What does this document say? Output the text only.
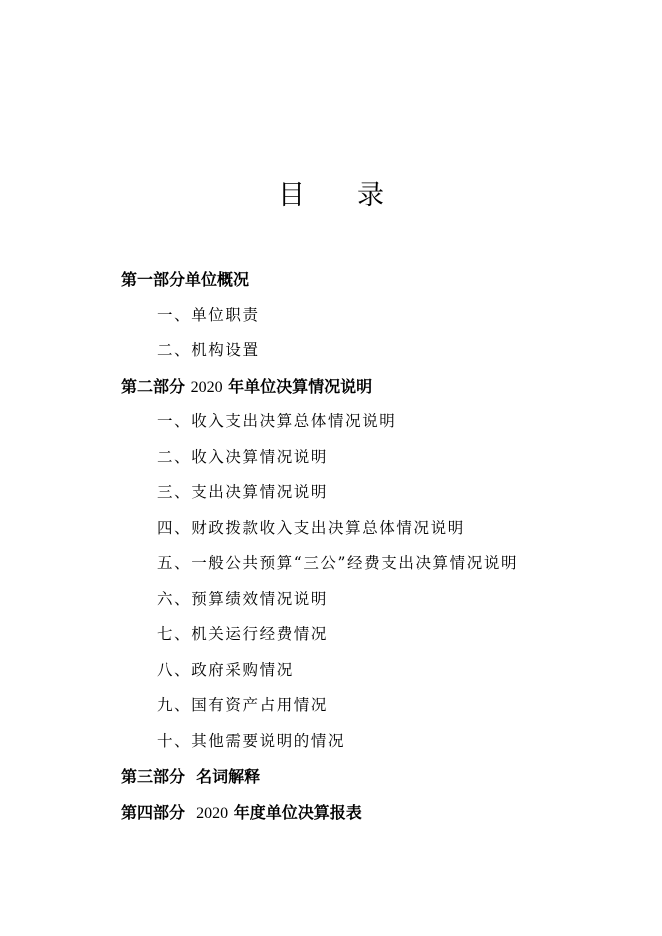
目 录
第一部分单位概况
一、单位职责
二、机构设置
第二部分 2020 年单位决算情况说明
一、收入支出决算总体情况说明
二、收入决算情况说明
三、支出决算情况说明
四、财政拨款收入支出决算总体情况说明
五、一般公共预算“三公”经费支出决算情况说明
六、预算绩效情况说明
七、机关运行经费情况
八、政府采购情况
九、国有资产占用情况
十、其他需要说明的情况
第三部分  名词解释
第四部分  2020 年度单位决算报表
